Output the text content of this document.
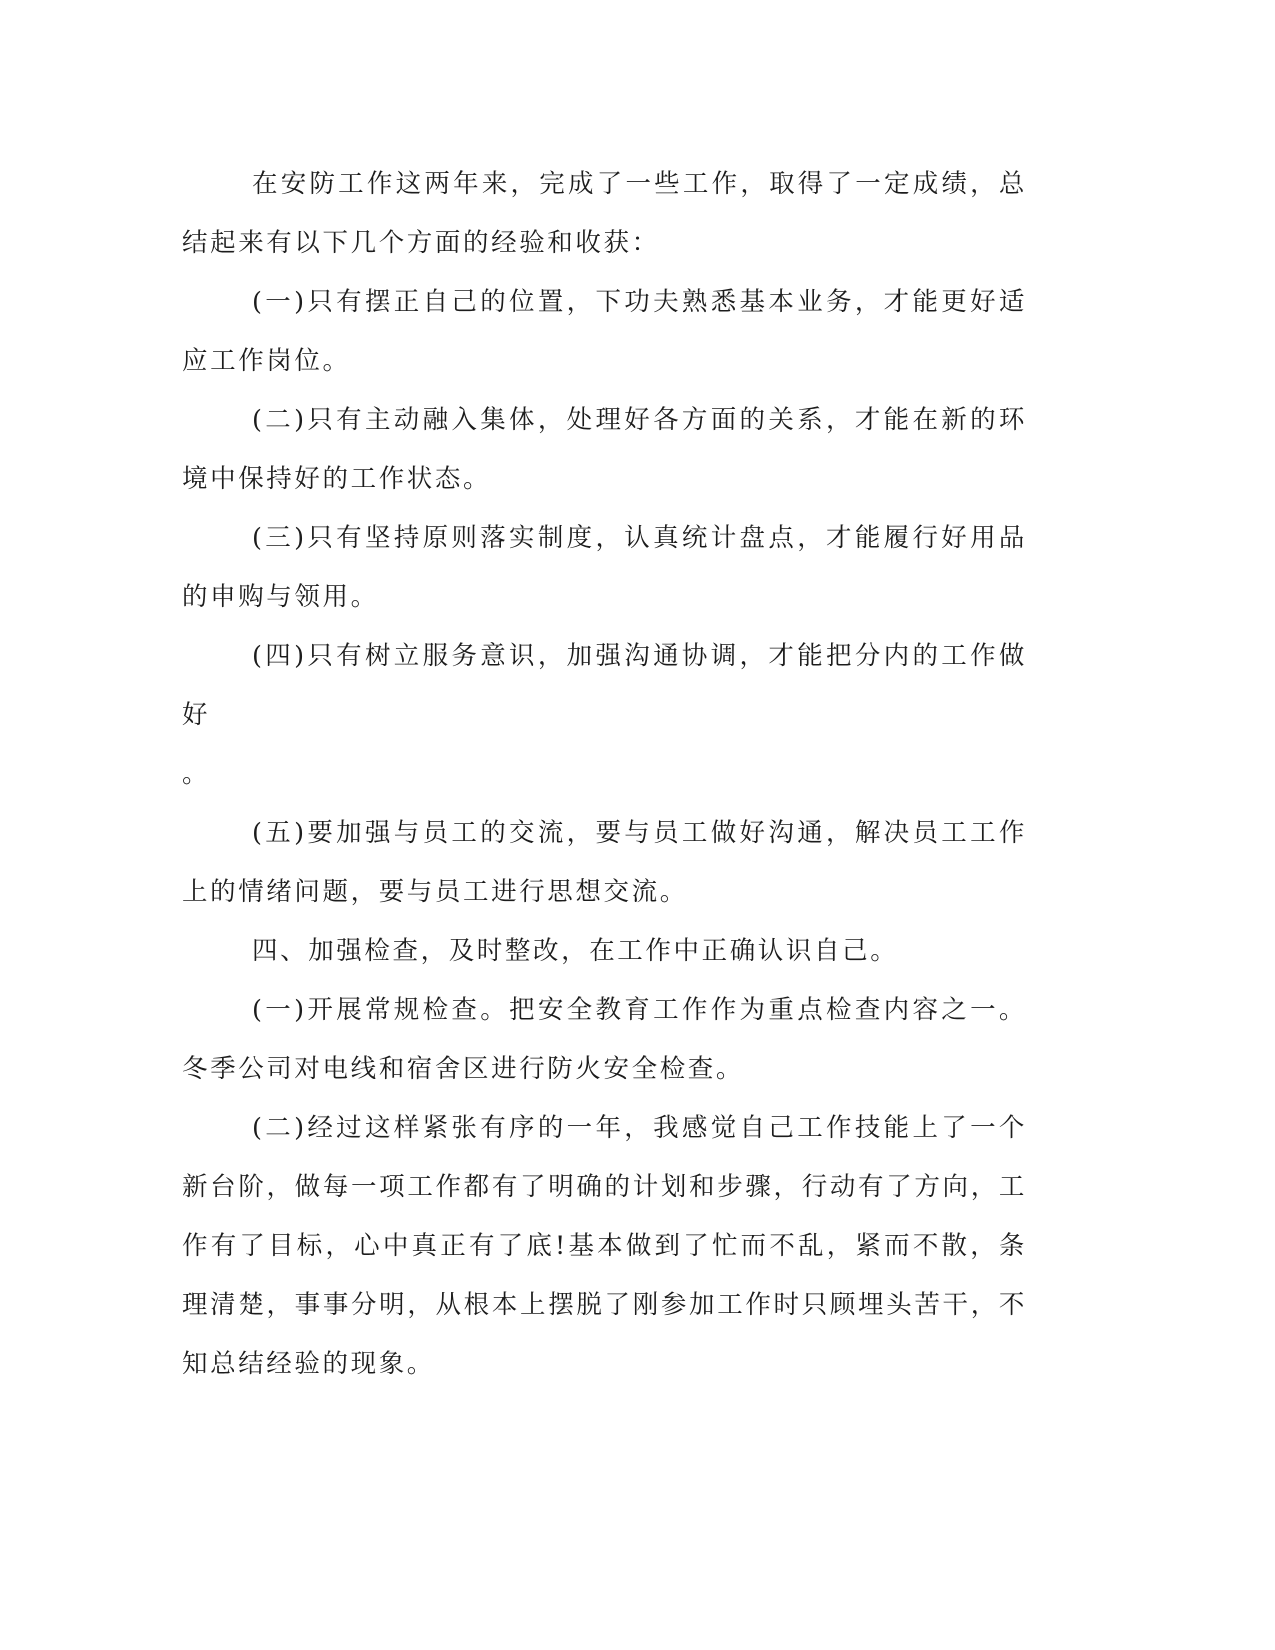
在安防工作这两年来，完成了一些工作，取得了一定成绩，总结起来有以下几个方面的经验和收获：

(一)只有摆正自己的位置，下功夫熟悉基本业务，才能更好适应工作岗位。

(二)只有主动融入集体，处理好各方面的关系，才能在新的环境中保持好的工作状态。

(三)只有坚持原则落实制度，认真统计盘点，才能履行好用品的申购与领用。

(四)只有树立服务意识，加强沟通协调，才能把分内的工作做好

。

(五)要加强与员工的交流，要与员工做好沟通，解决员工工作上的情绪问题，要与员工进行思想交流。

四、加强检查，及时整改，在工作中正确认识自己。

(一)开展常规检查。把安全教育工作作为重点检查内容之一。冬季公司对电线和宿舍区进行防火安全检查。

(二)经过这样紧张有序的一年，我感觉自己工作技能上了一个新台阶，做每一项工作都有了明确的计划和步骤，行动有了方向，工作有了目标，心中真正有了底!基本做到了忙而不乱，紧而不散，条理清楚，事事分明，从根本上摆脱了刚参加工作时只顾埋头苦干，不知总结经验的现象。
